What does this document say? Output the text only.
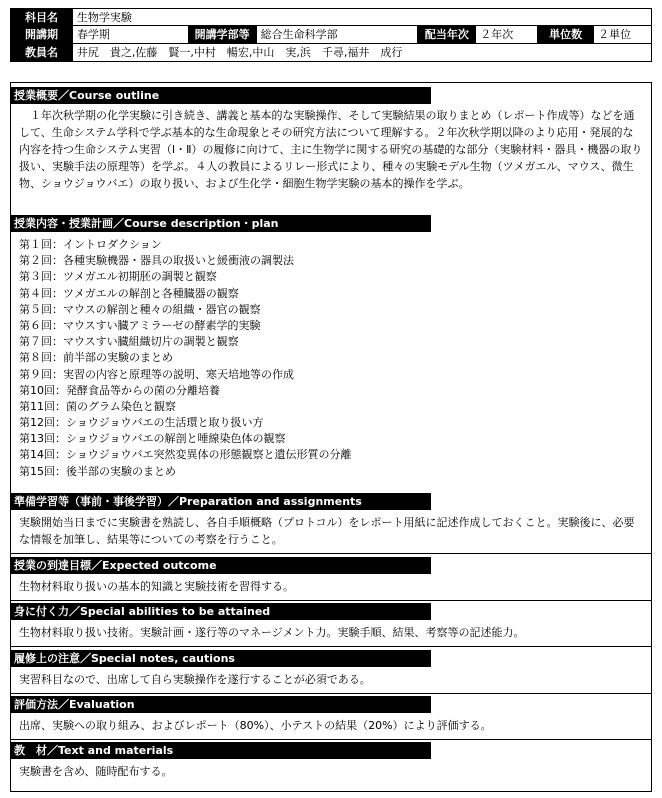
科目名	生物学実験
開講期	春学期	開講学部等 総合生命科学部	配当年次	２年次	単位数	２単位
教員名	井尻　貴之,佐藤　賢一,中村　暢宏,中山　実,浜　千尋,福井　成行
授業概要／Course outline

１年次秋学期の化学実験に引き続き、講義と基本的な実験操作、そして実験結果の取りまとめ（レポート作成等）などを通して、生命システム学科で学ぶ基本的な生命現象とその研究方法について理解する。２年次秋学期以降のより応用・発展的な内容を持つ生命システム実習（Ⅰ・Ⅱ）の履修に向けて、主に生物学に関する研究の基礎的な部分（実験材料・器具・機器の取り扱い、実験手法の原理等）を学ぶ。４人の教員によるリレー形式により、種々の実験モデル生物（ツメガエル、マウス、微生物、ショウジョウバエ）の取り扱い、および生化学・細胞生物学実験の基本的操作を学ぶ。

授業内容・授業計画／Course description・plan
第１回：イントロダクション
第２回：各種実験機器・器具の取扱いと緩衝液の調製法
第３回：ツメガエル初期胚の調製と観察
第４回：ツメガエルの解剖と各種臓器の観察
第５回：マウスの解剖と種々の組織・器官の観察
第６回：マウスすい臓アミラーゼの酵素学的実験
第７回：マウスすい臓組織切片の調製と観察
第８回：前半部の実験のまとめ
第９回：実習の内容と原理等の説明、寒天培地等の作成
第10回：発酵食品等からの菌の分離培養
第11回：菌のグラム染色と観察
第12回：ショウジョウバエの生活環と取り扱い方
第13回：ショウジョウバエの解剖と唾線染色体の観察
第14回：ショウジョウバエ突然変異体の形態観察と遺伝形質の分離
第15回：後半部の実験のまとめ
準備学習等（事前・事後学習）／Preparation and assignments
実験開始当日までに実験書を熟読し、各自手順概略（プロトコル）をレポート用紙に記述作成しておくこと。実験後に、必要な情報を加筆し、結果等についての考察を行うこと。
授業の到達目標／Expected outcome
生物材料取り扱いの基本的知識と実験技術を習得する。
身に付く力／Special abilities to be attained
生物材料取り扱い技術。実験計画・遂行等のマネージメント力。実験手順、結果、考察等の記述能力。
履修上の注意／Special notes, cautions
実習科目なので、出席して自ら実験操作を遂行することが必須である。
評価方法／Evaluation
出席、実験への取り組み、およびレポート（80%）、小テストの結果（20%）により評価する。
教　材／Text and materials
実験書を含め、随時配布する。
